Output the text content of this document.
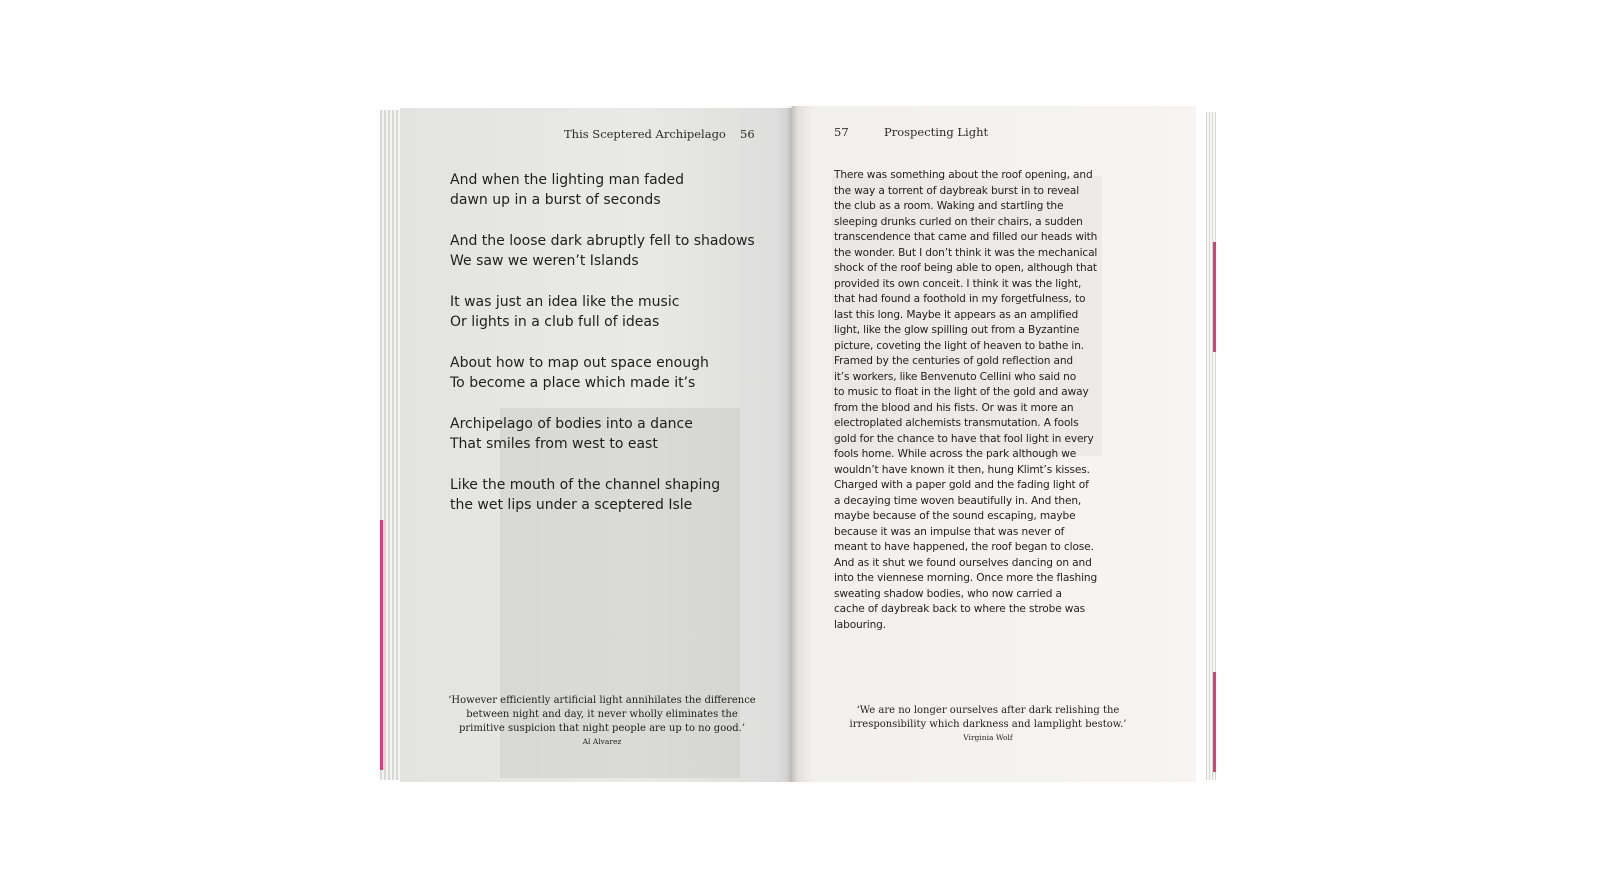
This Sceptered Archipelago 56
And when the lighting man faded
dawn up in a burst of seconds
And the loose dark abruptly fell to shadows
We saw we weren’t Islands
It was just an idea like the music
Or lights in a club full of ideas
About how to map out space enough
To become a place which made it’s
Archipelago of bodies into a dance
That smiles from west to east
Like the mouth of the channel shaping
the wet lips under a sceptered Isle
‘However efficiently artificial light annihilates the difference
between night and day, it never wholly eliminates the
primitive suspicion that night people are up to no good.’
Al Alvarez
57	Prospecting Light
There was something about the roof opening, and
the way a torrent of daybreak burst in to reveal
the club as a room. Waking and startling the
sleeping drunks curled on their chairs, a sudden
transcendence that came and filled our heads with
the wonder. But I don’t think it was the mechanical
shock of the roof being able to open, although that
provided its own conceit. I think it was the light,
that had found a foothold in my forgetfulness, to
last this long. Maybe it appears as an amplified
light, like the glow spilling out from a Byzantine
picture, coveting the light of heaven to bathe in.
Framed by the centuries of gold reflection and
it’s workers, like Benvenuto Cellini who said no
to music to float in the light of the gold and away
from the blood and his fists. Or was it more an
electroplated alchemists transmutation. A fools
gold for the chance to have that fool light in every
fools home. While across the park although we
wouldn’t have known it then, hung Klimt’s kisses.
Charged with a paper gold and the fading light of
a decaying time woven beautifully in. And then,
maybe because of the sound escaping, maybe
because it was an impulse that was never of
meant to have happened, the roof began to close.
And as it shut we found ourselves dancing on and
into the viennese morning. Once more the flashing
sweating shadow bodies, who now carried a
cache of daybreak back to where the strobe was
labouring.
‘We are no longer ourselves after dark relishing the
irresponsibility which darkness and lamplight bestow.’
Virginia Wolf
